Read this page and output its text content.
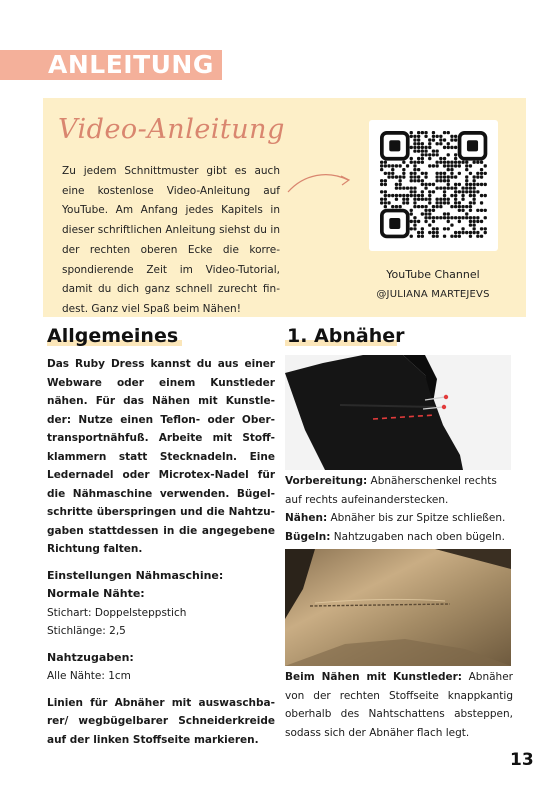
ANLEITUNG
Video-Anleitung
Zu jedem Schnittmuster gibt es auch eine kostenlose Video-Anleitung auf YouTube. Am Anfang jedes Kapitels in dieser schriftlichen Anleitung siehst du in der rechten oberen Ecke die korre-spondierende Zeit im Video-Tutorial, damit du dich ganz schnell zurecht fin-dest. Ganz viel Spaß beim Nähen!
YouTube Channel
@JULIANA MARTEJEVS
Allgemeines

Das Ruby Dress kannst du aus einer Webware oder einem Kunstleder nähen. Für das Nähen mit Kunstle-der: Nutze einen Teflon- oder Ober-transportnähfuß. Arbeite mit Stoff-klammern statt Stecknadeln. Eine Ledernadel oder Microtex-Nadel für die Nähmaschine verwenden. Bügel-schritte überspringen und die Nahtzu-gaben stattdessen in die angegebene Richtung falten.

Einstellungen Nähmaschine:

Normale Nähte:

Stichart: Doppelsteppstich

Stichlänge: 2,5

Nahtzugaben:

Alle Nähte: 1cm

Linien für Abnäher mit auswaschba-rer/ wegbügelbarer Schneiderkreide auf der linken Stoffseite markieren.

1. Abnäher
Vorbereitung: Abnäherschenkel rechts auf rechts aufeinanderstecken.
Nähen: Abnäher bis zur Spitze schließen.
Bügeln: Nahtzugaben nach oben bügeln.
Beim Nähen mit Kunstleder: Abnäher von der rechten Stoffseite knappkantig oberhalb des Nahtschattens absteppen, sodass sich der Abnäher flach legt.
13
